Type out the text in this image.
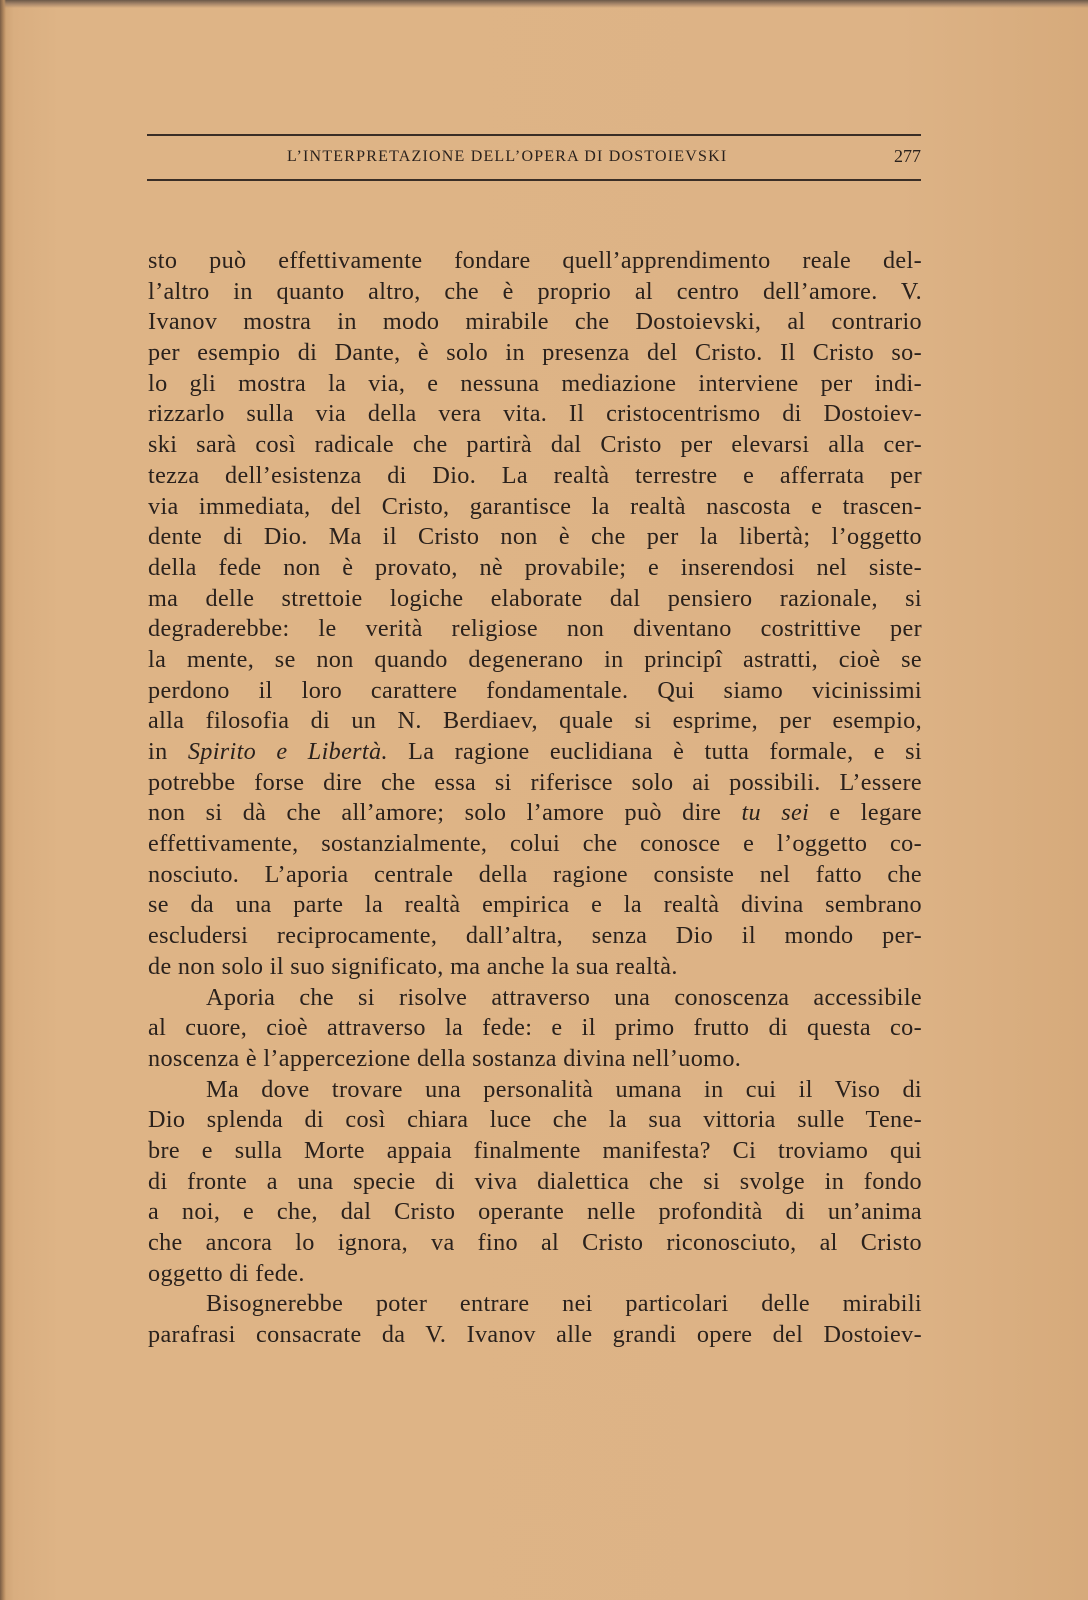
L’INTERPRETAZIONE DELL’OPERA DI DOSTOIEVSKI	277
sto può effettivamente fondare quell’apprendimento reale del-
l’altro in quanto altro, che è proprio al centro dell’amore. V.
Ivanov mostra in modo mirabile che Dostoievski, al contrario
per esempio di Dante, è solo in presenza del Cristo. Il Cristo so-
lo gli mostra la via, e nessuna mediazione interviene per indi-
rizzarlo sulla via della vera vita. Il cristocentrismo di Dostoiev-
ski sarà così radicale che partirà dal Cristo per elevarsi alla cer-
tezza dell’esistenza di Dio. La realtà terrestre e afferrata per
via immediata, del Cristo, garantisce la realtà nascosta e trascen-
dente di Dio. Ma il Cristo non è che per la libertà; l’oggetto
della fede non è provato, nè provabile; e inserendosi nel siste-
ma delle strettoie logiche elaborate dal pensiero razionale, si
degraderebbe: le verità religiose non diventano costrittive per
la mente, se non quando degenerano in principî astratti, cioè se
perdono il loro carattere fondamentale. Qui siamo vicinissimi
alla filosofia di un N. Berdiaev, quale si esprime, per esempio,
in Spirito e Libertà. La ragione euclidiana è tutta formale, e si
potrebbe forse dire che essa si riferisce solo ai possibili. L’essere
non si dà che all’amore; solo l’amore può dire tu sei e legare
effettivamente, sostanzialmente, colui che conosce e l’oggetto co-
nosciuto. L’aporia centrale della ragione consiste nel fatto che
se da una parte la realtà empirica e la realtà divina sembrano
escludersi reciprocamente, dall’altra, senza Dio il mondo per-
de non solo il suo significato, ma anche la sua realtà.
Aporia che si risolve attraverso una conoscenza accessibile
al cuore, cioè attraverso la fede: e il primo frutto di questa co-
noscenza è l’appercezione della sostanza divina nell’uomo.
Ma dove trovare una personalità umana in cui il Viso di
Dio splenda di così chiara luce che la sua vittoria sulle Tene-
bre e sulla Morte appaia finalmente manifesta? Ci troviamo qui
di fronte a una specie di viva dialettica che si svolge in fondo
a noi, e che, dal Cristo operante nelle profondità di un’anima
che ancora lo ignora, va fino al Cristo riconosciuto, al Cristo
oggetto di fede.
Bisognerebbe poter entrare nei particolari delle mirabili
parafrasi consacrate da V. Ivanov alle grandi opere del Dostoiev-
